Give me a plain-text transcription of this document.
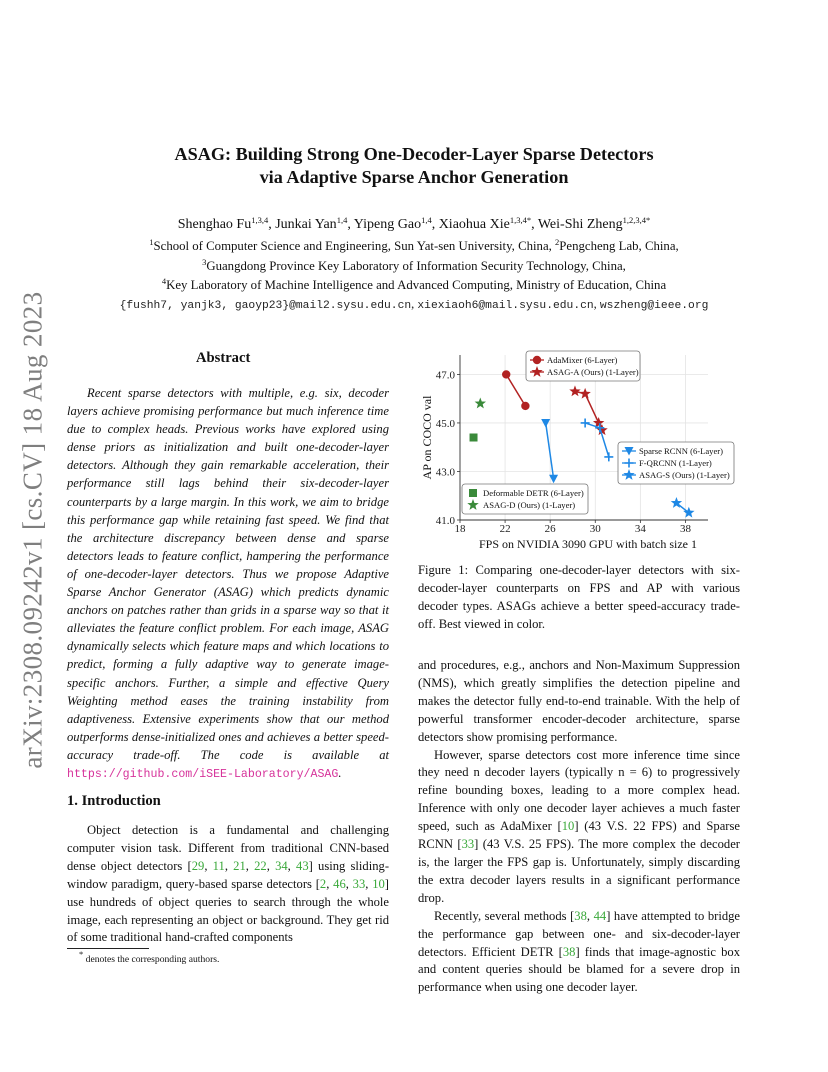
arXiv:2308.09242v1 [cs.CV] 18 Aug 2023
ASAG: Building Strong One-Decoder-Layer Sparse Detectors
via Adaptive Sparse Anchor Generation
Shenghao Fu$^{1,3,4}$, Junkai Yan$^{1,4}$, Yipeng Gao$^{1,4}$, Xiaohua Xie$^{1,3,4*}$, Wei-Shi Zheng$^{1,2,3,4*}$
$^1$School of Computer Science and Engineering, Sun Yat-sen University, China, $^2$Pengcheng Lab, China,
$^3$Guangdong Province Key Laboratory of Information Security Technology, China,
$^4$Key Laboratory of Machine Intelligence and Advanced Computing, Ministry of Education, China
{fushh7, yanjk3, gaoyp23}@mail2.sysu.edu.cn, xiexiaoh6@mail.sysu.edu.cn, wszheng@ieee.org
Abstract
Recent sparse detectors with multiple, e.g. six, decoder layers achieve promising performance but much inference time due to complex heads. Previous works have explored using dense priors as initialization and built one-decoder-layer detectors. Although they gain remarkable acceleration, their performance still lags behind their six-decoder-layer counterparts by a large margin. In this work, we aim to bridge this performance gap while retaining fast speed. We find that the architecture discrepancy between dense and sparse detectors leads to feature conflict, hampering the performance of one-decoder-layer detectors. Thus we propose Adaptive Sparse Anchor Generator (ASAG) which predicts dynamic anchors on patches rather than grids in a sparse way so that it alleviates the feature conflict problem. For each image, ASAG dynamically selects which feature maps and which locations to predict, forming a fully adaptive way to generate image-specific anchors. Further, a simple and effective Query Weighting method eases the training instability from adaptiveness. Extensive experiments show that our method outperforms dense-initialized ones and achieves a better speed-accuracy trade-off. The code is available at https://github.com/iSEE-Laboratory/ASAG.
1. Introduction
Object detection is a fundamental and challenging computer vision task. Different from traditional CNN-based dense object detectors [29, 11, 21, 22, 34, 43] using sliding-window paradigm, query-based sparse detectors [2, 46, 33, 10] use hundreds of object queries to search through the whole image, each representing an object or background. They get rid of some traditional hand-crafted components
* denotes the corresponding authors.
18	22	26	30	34	38
41.0
43.0
45.0
47.0
FPS on NVIDIA 3090 GPU with batch size 1
AP on COCO val
AdaMixer (6-Layer)
ASAG-A (Ours) (1-Layer)
Sparse RCNN (6-Layer)
F-QRCNN (1-Layer)
ASAG-S (Ours) (1-Layer)
Deformable DETR (6-Layer)
ASAG-D (Ours) (1-Layer)
Figure 1: Comparing one-decoder-layer detectors with six-decoder-layer counterparts on FPS and AP with various decoder types. ASAGs achieve a better speed-accuracy trade-off. Best viewed in color.

and procedures, e.g., anchors and Non-Maximum Suppression (NMS), which greatly simplifies the detection pipeline and makes the detector fully end-to-end trainable. With the help of powerful transformer encoder-decoder architecture, sparse detectors show promising performance.

However, sparse detectors cost more inference time since they need n decoder layers (typically n = 6) to progressively refine bounding boxes, leading to a more complex head. Inference with only one decoder layer achieves a much faster speed, such as AdaMixer [10] (43 V.S. 22 FPS) and Sparse RCNN [33] (43 V.S. 25 FPS). The more complex the decoder is, the larger the FPS gap is. Unfortunately, simply discarding the extra decoder layers results in a significant performance drop.

Recently, several methods [38, 44] have attempted to bridge the performance gap between one- and six-decoder-layer detectors. Efficient DETR [38] finds that image-agnostic box and content queries should be blamed for a severe drop in performance when using one decoder layer.
